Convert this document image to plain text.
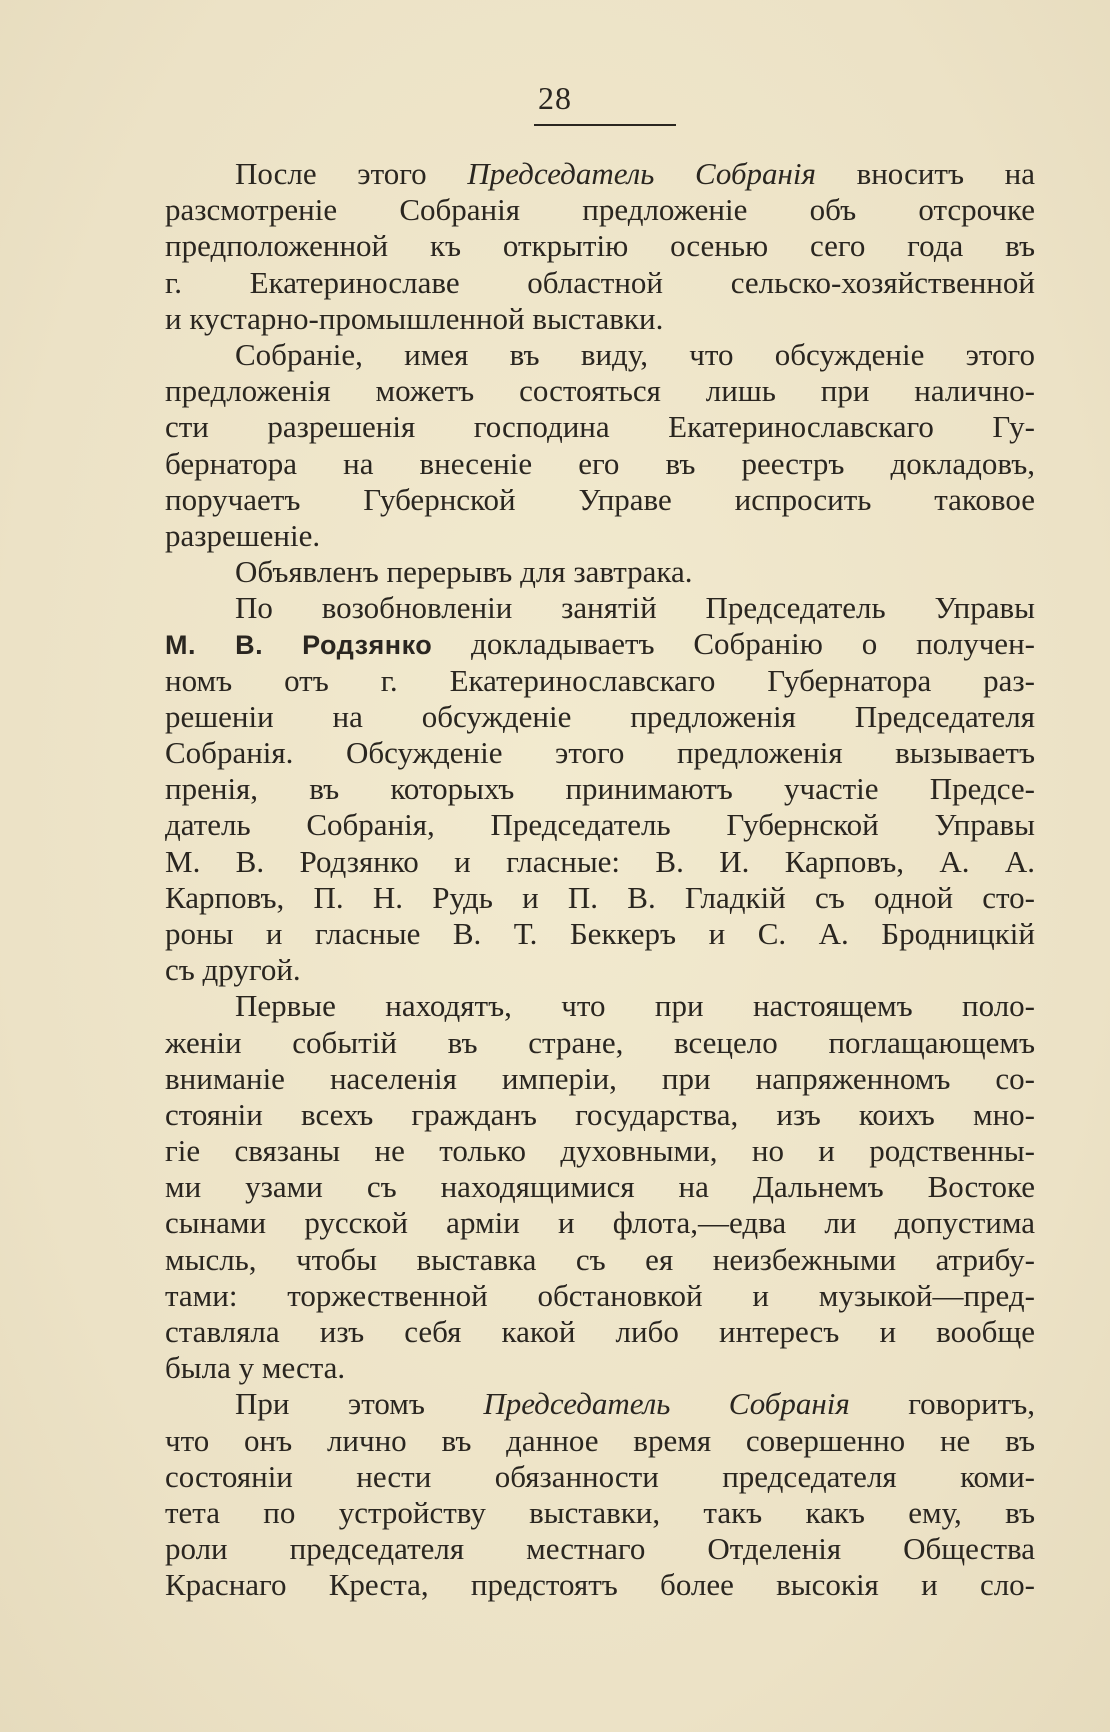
28
После этого Председатель Собранія вноситъ на
разсмотреніе Собранія предложеніе объ отсрочке
предположенной къ открытію осенью сего года въ
г. Екатеринославе областной сельско-хозяйственной
и кустарно-промышленной выставки.
Собраніе, имея въ виду, что обсужденіе этого
предложенія можетъ состояться лишь при налично-
сти разрешенія господина Екатеринославскаго Гу-
бернатора на внесеніе его въ реестръ докладовъ,
поручаетъ Губернской Управе испросить таковое
разрешеніе.
Объявленъ перерывъ для завтрака.
По возобновленіи занятій Председатель Управы
М. В. Родзянко докладываетъ Собранію о получен-
номъ отъ г. Екатеринославскаго Губернатора раз-
решеніи на обсужденіе предложенія Председателя
Собранія. Обсужденіе этого предложенія вызываетъ
пренія, въ которыхъ принимаютъ участіе Предсе-
датель Собранія, Председатель Губернской Управы
М. В. Родзянко и гласные: В. И. Карповъ, А. А.
Карповъ, П. Н. Рудь и П. В. Гладкій съ одной сто-
роны и гласные В. Т. Беккеръ и С. А. Бродницкій
съ другой.
Первые находятъ, что при настоящемъ поло-
женіи событій въ стране, всецело поглащающемъ
вниманіе населенія имперіи, при напряженномъ со-
стояніи всехъ гражданъ государства, изъ коихъ мно-
гіе связаны не только духовными, но и родственны-
ми узами съ находящимися на Дальнемъ Востоке
сынами русской арміи и флота,—едва ли допустима
мысль, чтобы выставка съ ея неизбежными атрибу-
тами: торжественной обстановкой и музыкой—пред-
ставляла изъ себя какой либо интересъ и вообще
была у места.
При этомъ Председатель Собранія говоритъ,
что онъ лично въ данное время совершенно не въ
состояніи нести обязанности председателя коми-
тета по устройству выставки, такъ какъ ему, въ
роли председателя местнаго Отделенія Общества
Краснаго Креста, предстоятъ более высокія и сло-
